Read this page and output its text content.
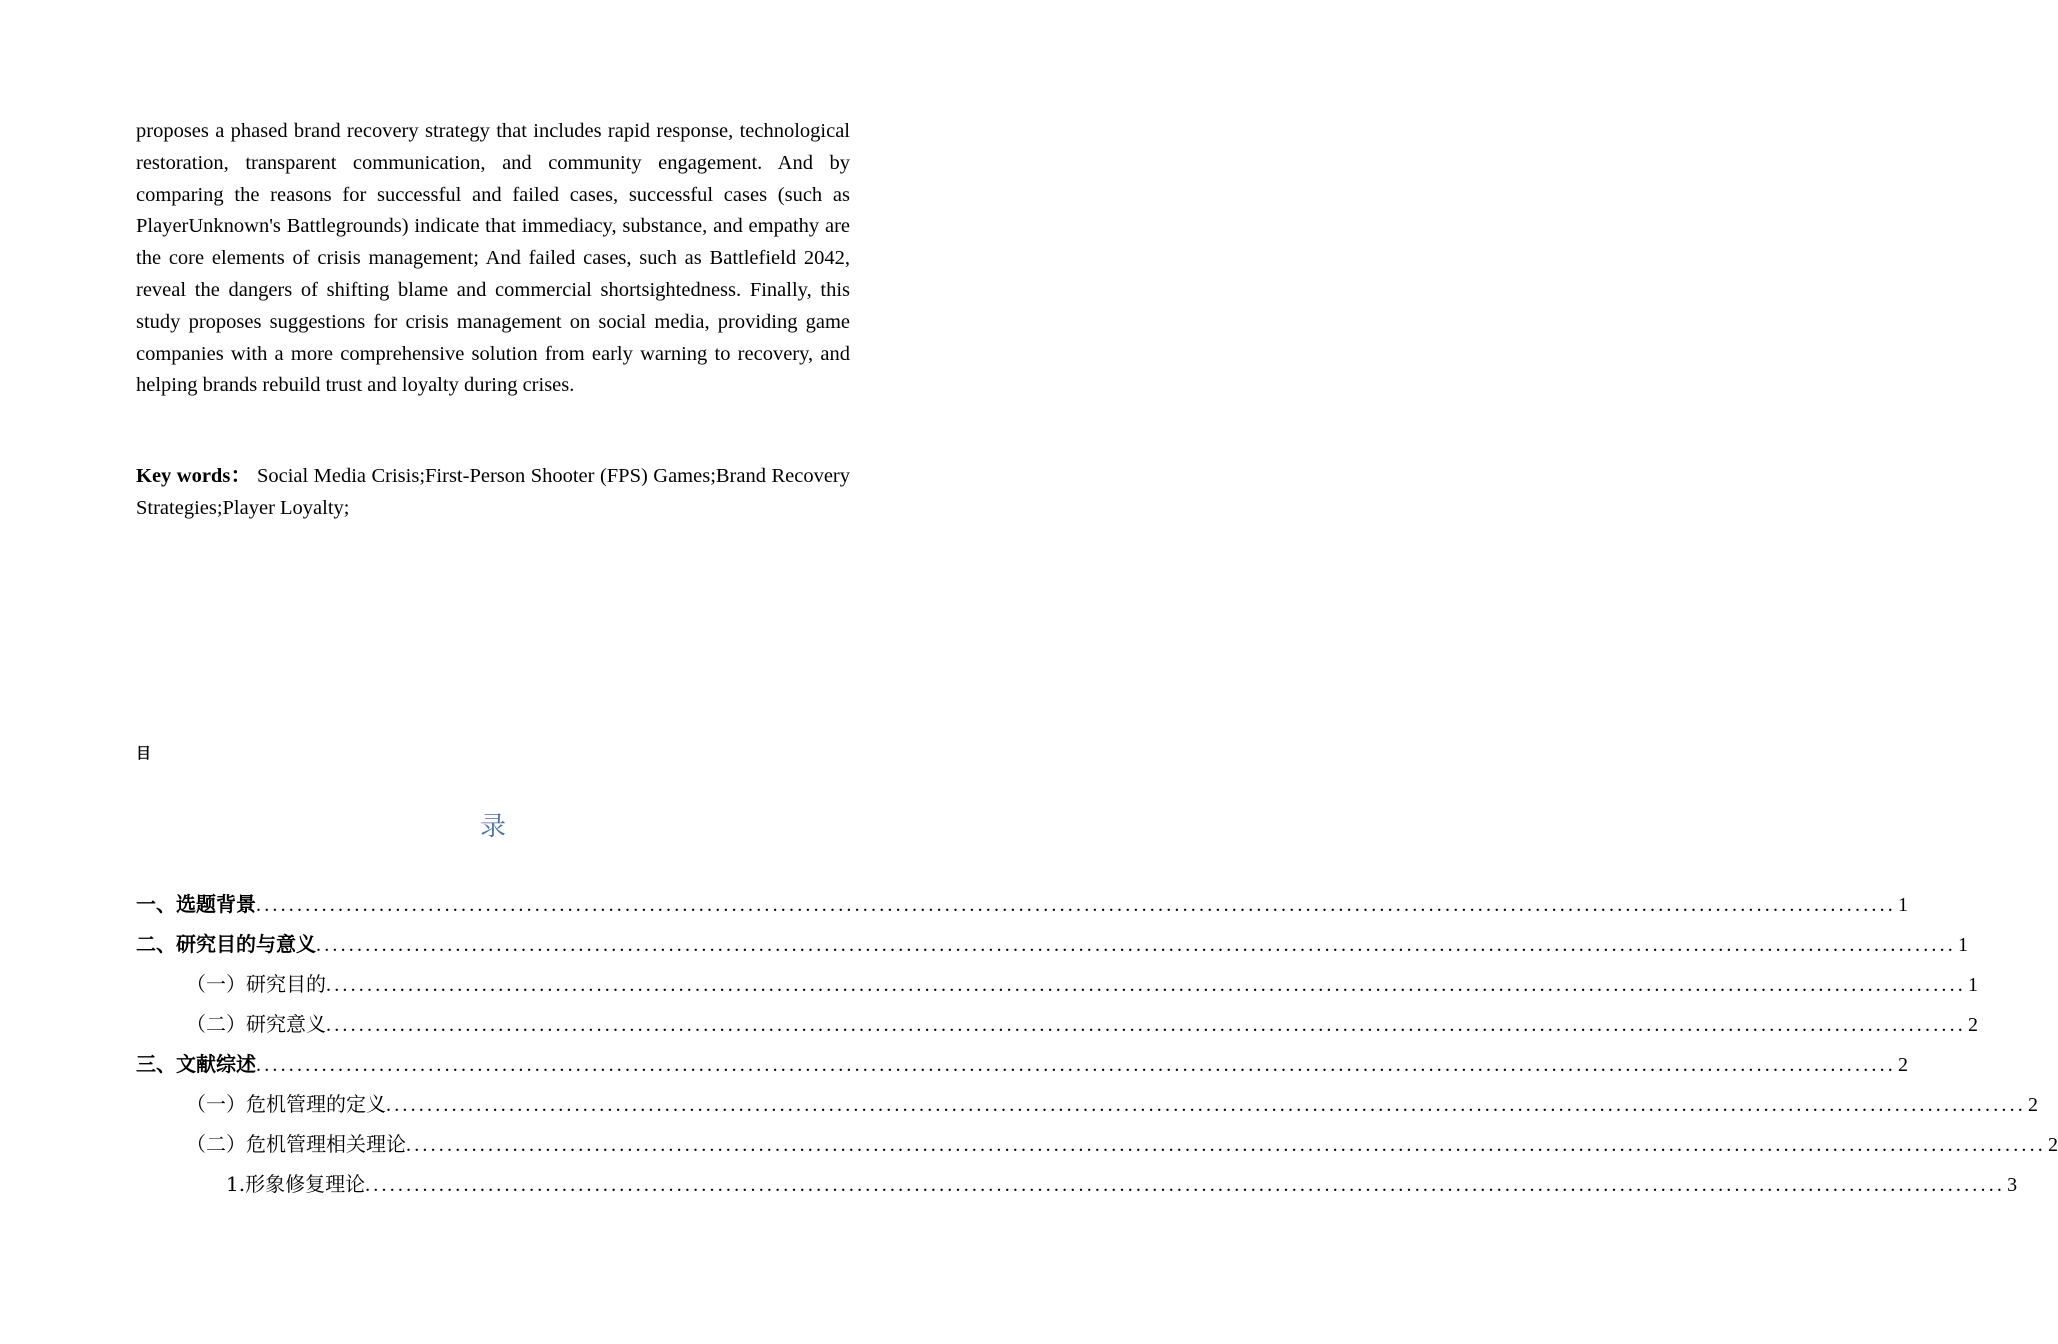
proposes a phased brand recovery strategy that includes rapid response, technological restoration, transparent communication, and community engagement. And by comparing the reasons for successful and failed cases, successful cases (such as PlayerUnknown's Battlegrounds) indicate that immediacy, substance, and empathy are the core elements of crisis management; And failed cases, such as Battlefield 2042, reveal the dangers of shifting blame and commercial shortsightedness. Finally, this study proposes suggestions for crisis management on social media, providing game companies with a more comprehensive solution from early warning to recovery, and helping brands rebuild trust and loyalty during crises.

Key words： Social Media Crisis;First-Person Shooter (FPS) Games;Brand Recovery Strategies;Player Loyalty;

目
录
一、选题背景 ........................................................................................................................................................................................................ 1
二、研究目的与意义 ........................................................................................................................................................................................................ 1
（一）研究目的 ........................................................................................................................................................................................................ 1
（二）研究意义 ........................................................................................................................................................................................................ 2
三、文献综述 ........................................................................................................................................................................................................ 2
（一）危机管理的定义 ........................................................................................................................................................................................................ 2
（二）危机管理相关理论 ........................................................................................................................................................................................................ 2
1.形象修复理论 ........................................................................................................................................................................................................ 3
